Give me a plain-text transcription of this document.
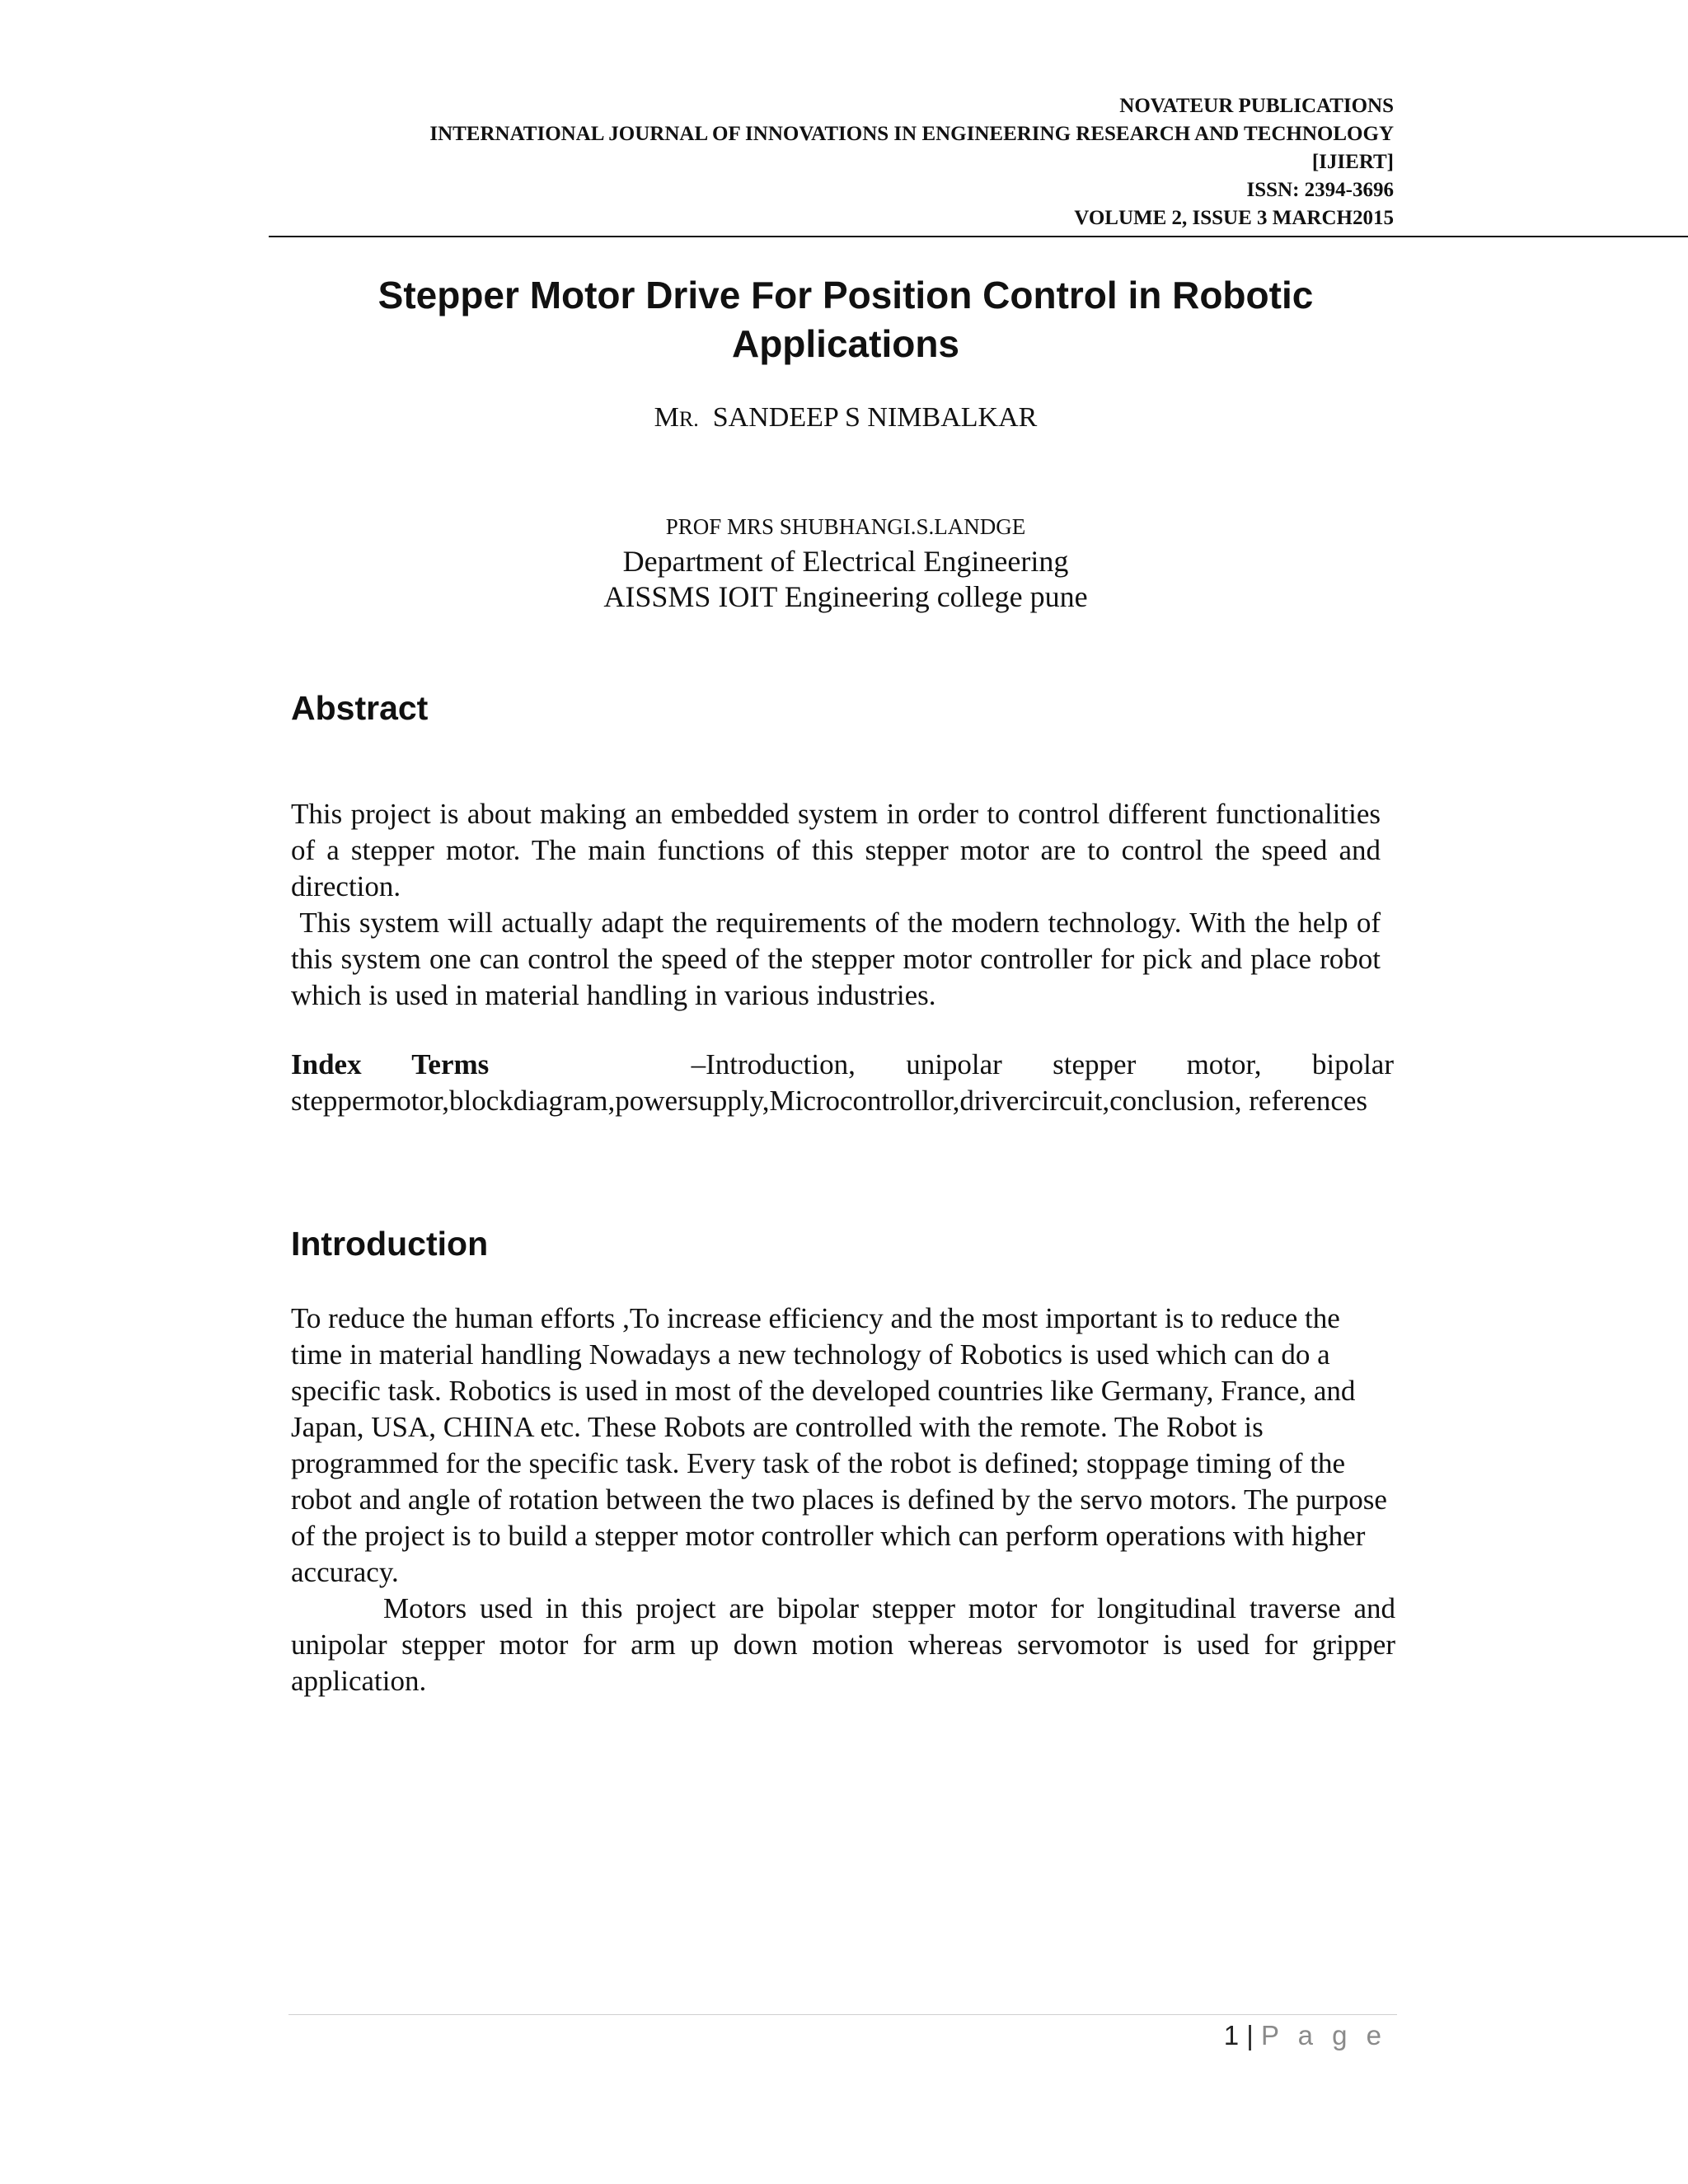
NOVATEUR PUBLICATIONS
INTERNATIONAL JOURNAL OF INNOVATIONS IN ENGINEERING RESEARCH AND TECHNOLOGY
[IJIERT]
ISSN: 2394-3696
VOLUME 2, ISSUE 3 MARCH2015
Stepper Motor Drive For Position Control in Robotic
Applications
MR. SANDEEP S NIMBALKAR
PROF MRS SHUBHANGI.S.LANDGE
Department of Electrical Engineering
AISSMS IOIT Engineering college pune
Abstract

This project is about making an embedded system in order to control different functionalities of a stepper motor. The main functions of this stepper motor are to control the speed and direction.

This system will actually adapt the requirements of the modern technology. With the help of this system one can control the speed of the stepper motor controller for pick and place robot which is used in material handling in various industries.

Index Terms	–Introduction, unipolar stepper motor, bipolar steppermotor,blockdiagram,powersupply,Microcontrollor,drivercircuit,conclusion, references

Introduction

To reduce the human efforts ,To increase efficiency and the most important is to reduce the time in material handling Nowadays a new technology of Robotics is used which can do a specific task. Robotics is used in most of the developed countries like Germany, France, and Japan, USA, CHINA etc. These Robots are controlled with the remote. The Robot is programmed for the specific task. Every task of the robot is defined; stoppage timing of the robot and angle of rotation between the two places is defined by the servo motors. The purpose of the project is to build a stepper motor controller which can perform operations with higher accuracy.

Motors used in this project are bipolar stepper motor for longitudinal traverse and unipolar stepper motor for arm up down motion whereas servomotor is used for gripper application.

1 | P a g e
